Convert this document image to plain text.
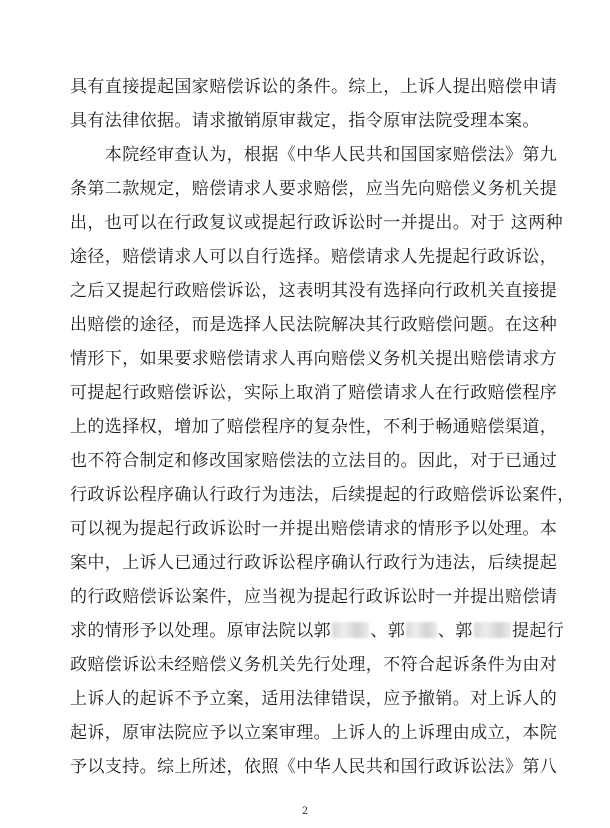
具有直接提起国家赔偿诉讼的条件。综上，上诉人提出赔偿申请
具有法律依据。请求撤销原审裁定，指令原审法院受理本案。
　　本院经审查认为，根据《中华人民共和国国家赔偿法》第九
条第二款规定，赔偿请求人要求赔偿，应当先向赔偿义务机关提
出，也可以在行政复议或提起行政诉讼时一并提出。对于 这两种
途径，赔偿请求人可以自行选择。赔偿请求人先提起行政诉讼，
之后又提起行政赔偿诉讼，这表明其没有选择向行政机关直接提
出赔偿的途径，而是选择人民法院解决其行政赔偿问题。在这种
情形下，如果要求赔偿请求人再向赔偿义务机关提出赔偿请求方
可提起行政赔偿诉讼，实际上取消了赔偿请求人在行政赔偿程序
上的选择权，增加了赔偿程序的复杂性，不利于畅通赔偿渠道，
也不符合制定和修改国家赔偿法的立法目的。因此，对于已通过
行政诉讼程序确认行政行为违法，后续提起的行政赔偿诉讼案件，
可以视为提起行政诉讼时一并提出赔偿请求的情形予以处理。本
案中，上诉人已通过行政诉讼程序确认行政行为违法，后续提起
的行政赔偿诉讼案件，应当视为提起行政诉讼时一并提出赔偿请
求的情形予以处理。原审法院以郭 、郭 、郭 提起行
政赔偿诉讼未经赔偿义务机关先行处理，不符合起诉条件为由对
上诉人的起诉不予立案，适用法律错误，应予撤销。对上诉人的
起诉，原审法院应予以立案审理。上诉人的上诉理由成立，本院
予以支持。综上所述，依照《中华人民共和国行政诉讼法》第八
2
